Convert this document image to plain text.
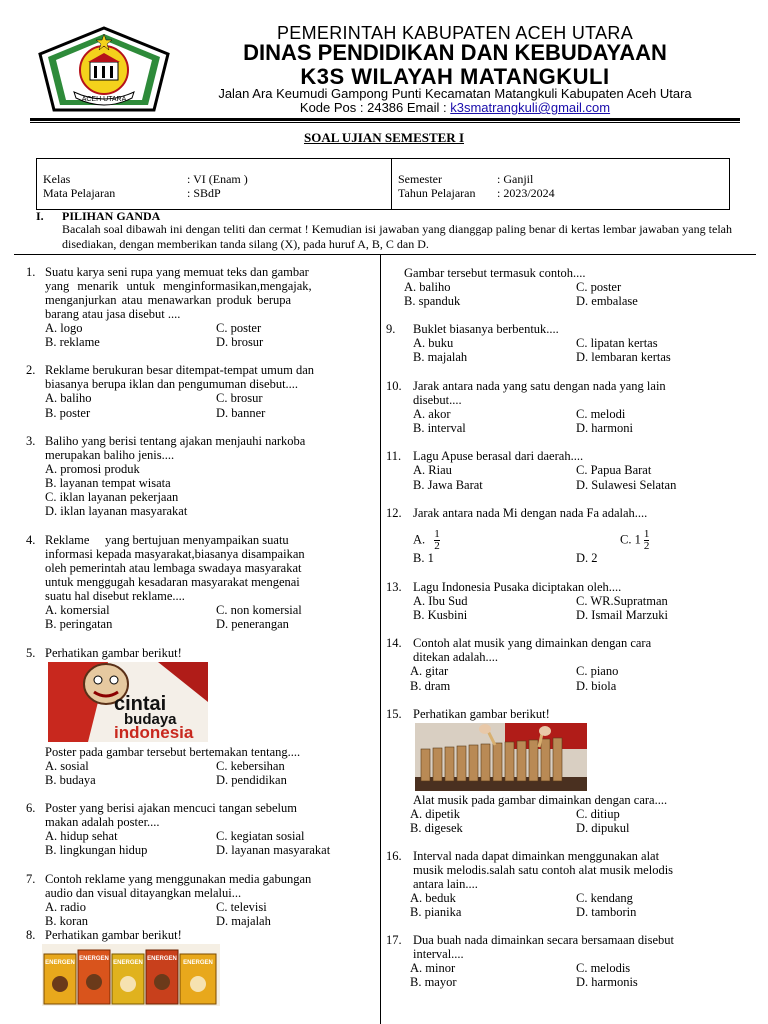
ACEH UTARA
PEMERINTAH KABUPATEN ACEH UTARA
DINAS PENDIDIKAN DAN KEBUDAYAAN
K3S WILAYAH MATANGKULI
Jalan Ara Keumudi Gampong Punti Kecamatan Matangkuli Kabupaten Aceh Utara
Kode Pos : 24386 Email : k3smatrangkuli@gmail.com
SOAL UJIAN SEMESTER I
Kelas	: VI (Enam )
Mata Pelajaran	: SBdP
Semester	: Ganjil
Tahun Pelajaran : 2023/2024
I. PILIHAN GANDA
Bacalah soal dibawah ini dengan teliti dan cermat ! Kemudian isi jawaban yang dianggap paling benar di kertas lembar jawaban yang telah disediakan, dengan memberikan tanda silang (X), pada huruf A, B, C dan D.
1. Suatu karya seni rupa yang memuat teks dan gambar
yang menarik untuk menginformasikan,mengajak,
menganjurkan atau menawarkan produk berupa
barang atau jasa disebut ....
A. logo	C. poster
B. reklame	D. brosur
2. Reklame berukuran besar ditempat-tempat umum dan
biasanya berupa iklan dan pengumuman disebut....
A. baliho	C. brosur
B. poster	D. banner
3. Baliho yang berisi tentang ajakan menjauhi narkoba
merupakan baliho jenis....
A. promosi produk
B. layanan tempat wisata
C. iklan layanan pekerjaan
D. iklan layanan masyarakat
4. Reklame     yang bertujuan menyampaikan suatu
informasi kepada masyarakat,biasanya disampaikan
oleh pemerintah atau lembaga swadaya masyarakat
untuk menggugah kesadaran masyarakat mengenai
suatu hal disebut reklame....
A. komersial	C. non komersial
B. peringatan	D. penerangan
5. Perhatikan gambar berikut!
cintai
budaya
indonesia
Poster pada gambar tersebut bertemakan tentang....
A. sosial	C. kebersihan
B. budaya	D. pendidikan
6. Poster yang berisi ajakan mencuci tangan sebelum
makan adalah poster....
A. hidup sehat	C. kegiatan sosial
B. lingkungan hidup	D. layanan masyarakat
7. Contoh reklame yang menggunakan media gabungan
audio dan visual ditayangkan melalui...
A. radio	C. televisi
B. koran	D. majalah
8. Perhatikan gambar berikut!
ENERGEN
ENERGEN
ENERGEN
ENERGEN
ENERGEN
Gambar tersebut termasuk contoh....
A. baliho	C. poster
B. spanduk	D. embalase
9. Buklet biasanya berbentuk....
A. buku	C. lipatan kertas
B. majalah	D. lembaran kertas
10. Jarak antara nada yang satu dengan nada yang lain
disebut....
A. akor	C. melodi
B. interval	D. harmoni
11. Lagu Apuse berasal dari daerah....
A. Riau	C. Papua Barat
B. Jawa Barat	D. Sulawesi Selatan
12. Jarak antara nada Mi dengan nada Fa adalah....
A. $\frac{1}{2}$	C. $1 \frac{1}{2}$
B. 1	D. 2
13. Lagu Indonesia Pusaka diciptakan oleh....
A. Ibu Sud	C. WR.Supratman
B. Kusbini	D. Ismail Marzuki
14. Contoh alat musik yang dimainkan dengan cara
ditekan adalah....
A. gitar	C. piano
B. dram	D. biola
15. Perhatikan gambar berikut!
Alat musik pada gambar dimainkan dengan cara....
A. dipetik	C. ditiup
B. digesek	D. dipukul
16. Interval nada dapat dimainkan menggunakan alat
musik melodis.salah satu contoh alat musik melodis
antara lain....
A. beduk	C. kendang
B. pianika	D. tamborin
17. Dua buah nada dimainkan secara bersamaan disebut
interval....
A. minor	C. melodis
B. mayor	D. harmonis
